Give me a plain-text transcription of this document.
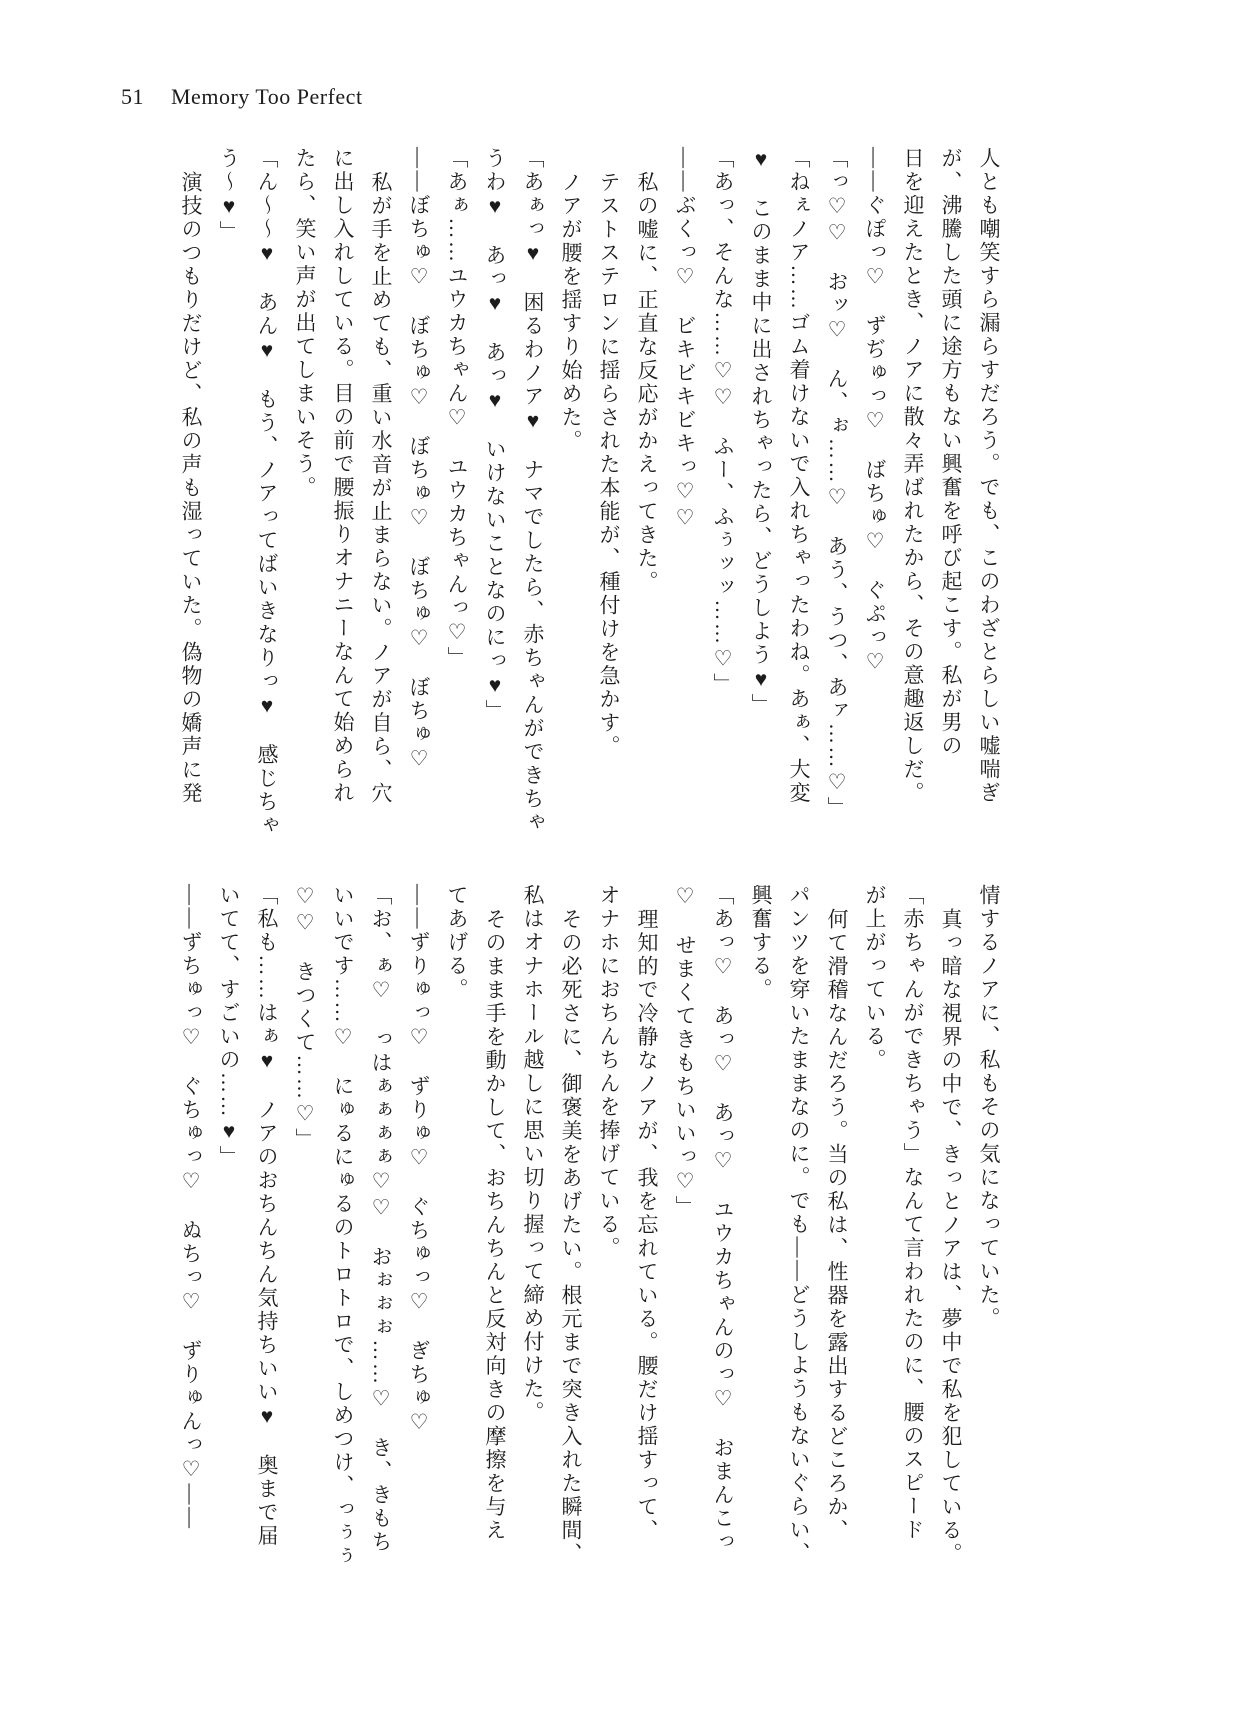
51 Memory Too Perfect
人とも嘲笑すら漏らすだろう。でも、このわざとらしい嘘喘ぎ
が、沸騰した頭に途方もない興奮を呼び起こす。私が男の
日を迎えたとき、ノアに散々弄ばれたから、その意趣返しだ。
――ぐぽっ♡　ずぢゅっ♡　ばちゅ♡　ぐぷっ♡
「っ♡♡　おッ♡　ん、ぉ……♡　あう、うつ、あァ……♡」
「ねぇノア……ゴム着けないで入れちゃったわね。あぁ、大変
♥　このまま中に出されちゃったら、どうしよう♥」
「あっ、そんな……♡♡　ふー、ふぅッッ……♡」
――ぶくっ♡　ビキビキビキっ♡♡
私の嘘に、正直な反応がかえってきた。
テストステロンに揺らされた本能が、種付けを急かす。
ノアが腰を揺すり始めた。
「あぁっ♥　困るわノア♥　ナマでしたら、赤ちゃんができちゃ
うわ♥　あっ♥　あっ♥　いけないことなのにっ♥」
「あぁ……ユウカちゃん♡　ユウカちゃんっ♡」
――ぼちゅ♡　ぼちゅ♡　ぼちゅ♡　ぼちゅ♡　ぼちゅ♡
私が手を止めても、重い水音が止まらない。ノアが自ら、穴
に出し入れしている。目の前で腰振りオナニーなんて始められ
たら、笑い声が出てしまいそう。
「ん〜〜♥　あん♥　もう、ノアってばいきなりっ♥　感じちゃ
う〜♥」
演技のつもりだけど、私の声も湿っていた。偽物の嬌声に発
情するノアに、私もその気になっていた。
真っ暗な視界の中で、きっとノアは、夢中で私を犯している。
「赤ちゃんができちゃう」なんて言われたのに、腰のスピード
が上がっている。
何て滑稽なんだろう。当の私は、性器を露出するどころか、
パンツを穿いたままなのに。でも――どうしようもないぐらい、
興奮する。
「あっ♡　あっ♡　あっ♡　ユウカちゃんのっ♡　おまんこっ
♡　せまくてきもちいいっ♡」
理知的で冷静なノアが、我を忘れている。腰だけ揺すって、
オナホにおちんちんを捧げている。
その必死さに、御褒美をあげたい。根元まで突き入れた瞬間、
私はオナホール越しに思い切り握って締め付けた。
そのまま手を動かして、おちんちんと反対向きの摩擦を与え
てあげる。
――ずりゅっ♡　ずりゅ♡　ぐちゅっ♡　ぎちゅ♡
「お、ぁ♡　っはぁぁぁぁ♡♡　おぉぉぉ……♡　き、きもち
いいです……♡　にゅるにゅるのトロトロで、しめつけ、っぅぅ
♡♡　きつくて……♡」
「私も……はぁ♥　ノアのおちんちん気持ちいい♥　奥まで届
いてて、すごいの……♥」
――ずちゅっ♡　ぐちゅっ♡　ぬちっ♡　ずりゅんっ♡――
